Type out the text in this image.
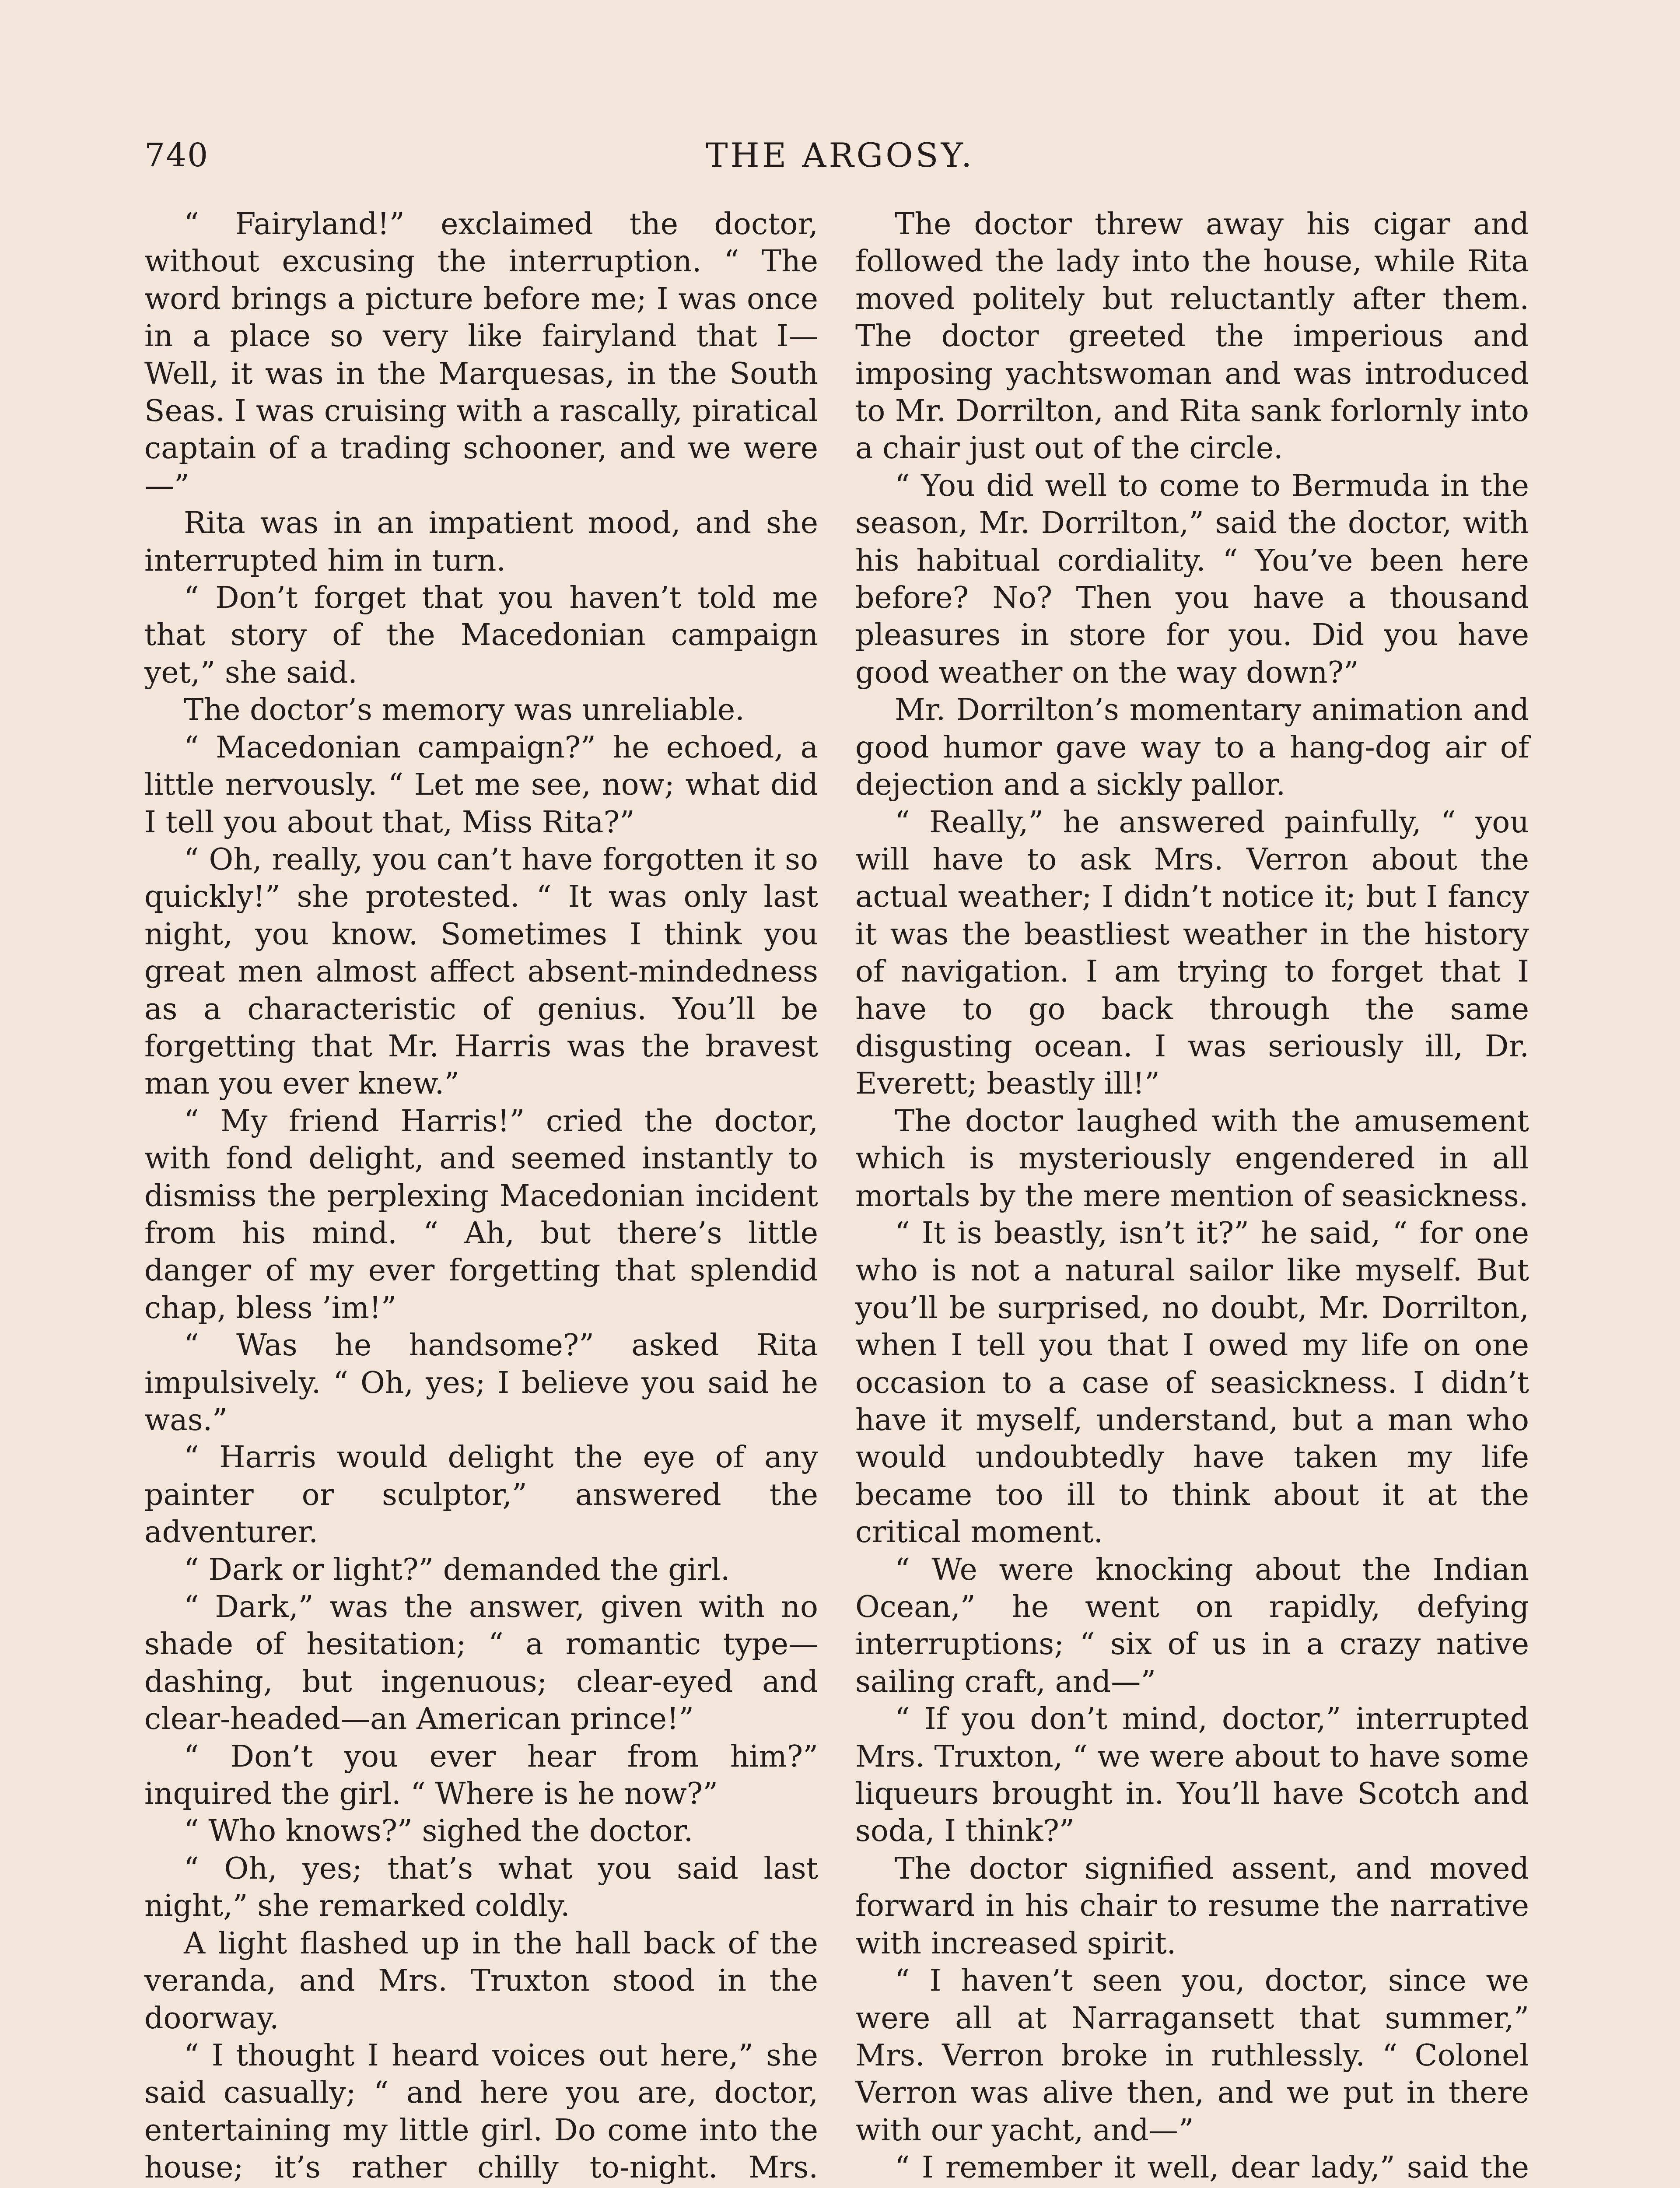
740	THE ARGOSY.

“ Fairyland!” exclaimed the doctor, without excusing the interruption. “ The word brings a picture before me; I was once in a place so very like fairyland that I— Well, it was in the Marquesas, in the South Seas. I was cruising with a rascally, piratical captain of a trading schooner, and we were—”

Rita was in an impatient mood, and she interrupted him in turn.

“ Don’t forget that you haven’t told me that story of the Macedonian campaign yet,” she said.

The doctor’s memory was unreliable.

“ Macedonian campaign?” he echoed, a little nervously. “ Let me see, now; what did I tell you about that, Miss Rita?”

“ Oh, really, you can’t have forgotten it so quickly!” she protested. “ It was only last night, you know. Sometimes I think you great men almost affect absent-mindedness as a characteristic of genius. You’ll be forgetting that Mr. Harris was the bravest man you ever knew.”

“ My friend Harris!” cried the doctor, with fond delight, and seemed instantly to dismiss the perplexing Macedonian incident from his mind. “ Ah, but there’s little danger of my ever forgetting that splendid chap, bless ’im!”

“ Was he handsome?” asked Rita impulsively. “ Oh, yes; I believe you said he was.”

“ Harris would delight the eye of any painter or sculptor,” answered the adventurer.

“ Dark or light?” demanded the girl.

“ Dark,” was the answer, given with no shade of hesitation; “ a romantic type—dashing, but ingenuous; clear-eyed and clear-headed—an American prince!”

“ Don’t you ever hear from him?” inquired the girl. “ Where is he now?”

“ Who knows?” sighed the doctor.

“ Oh, yes; that’s what you said last night,” she remarked coldly.

A light flashed up in the hall back of the veranda, and Mrs. Truxton stood in the doorway.

“ I thought I heard voices out here,” she said casually; “ and here you are, doctor, entertaining my little girl. Do come into the house; it’s rather chilly to-night. Mrs.

The doctor threw away his cigar and followed the lady into the house, while Rita moved politely but reluctantly after them. The doctor greeted the imperious and imposing yachtswoman and was introduced to Mr. Dorrilton, and Rita sank forlornly into a chair just out of the circle.

“ You did well to come to Bermuda in the season, Mr. Dorrilton,” said the doctor, with his habitual cordiality. “ You’ve been here before? No? Then you have a thousand pleasures in store for you. Did you have good weather on the way down?”

Mr. Dorrilton’s momentary animation and good humor gave way to a hang-dog air of dejection and a sickly pallor.

“ Really,” he answered painfully, “ you will have to ask Mrs. Verron about the actual weather; I didn’t notice it; but I fancy it was the beastliest weather in the history of navigation. I am trying to forget that I have to go back through the same disgusting ocean. I was seriously ill, Dr. Everett; beastly ill!”

The doctor laughed with the amusement which is mysteriously engendered in all mortals by the mere mention of seasickness.

“ It is beastly, isn’t it?” he said, “ for one who is not a natural sailor like myself. But you’ll be surprised, no doubt, Mr. Dorrilton, when I tell you that I owed my life on one occasion to a case of seasickness. I didn’t have it myself, understand, but a man who would undoubtedly have taken my life became too ill to think about it at the critical moment.

“ We were knocking about the Indian Ocean,” he went on rapidly, defying interruptions; “ six of us in a crazy native sailing craft, and—”

“ If you don’t mind, doctor,” interrupted Mrs. Truxton, “ we were about to have some liqueurs brought in. You’ll have Scotch and soda, I think?”

The doctor signified assent, and moved forward in his chair to resume the narrative with increased spirit.

“ I haven’t seen you, doctor, since we were all at Narragansett that summer,” Mrs. Verron broke in ruthlessly. “ Colonel Verron was alive then, and we put in there with our yacht, and—”

“ I remember it well, dear lady,” said the
